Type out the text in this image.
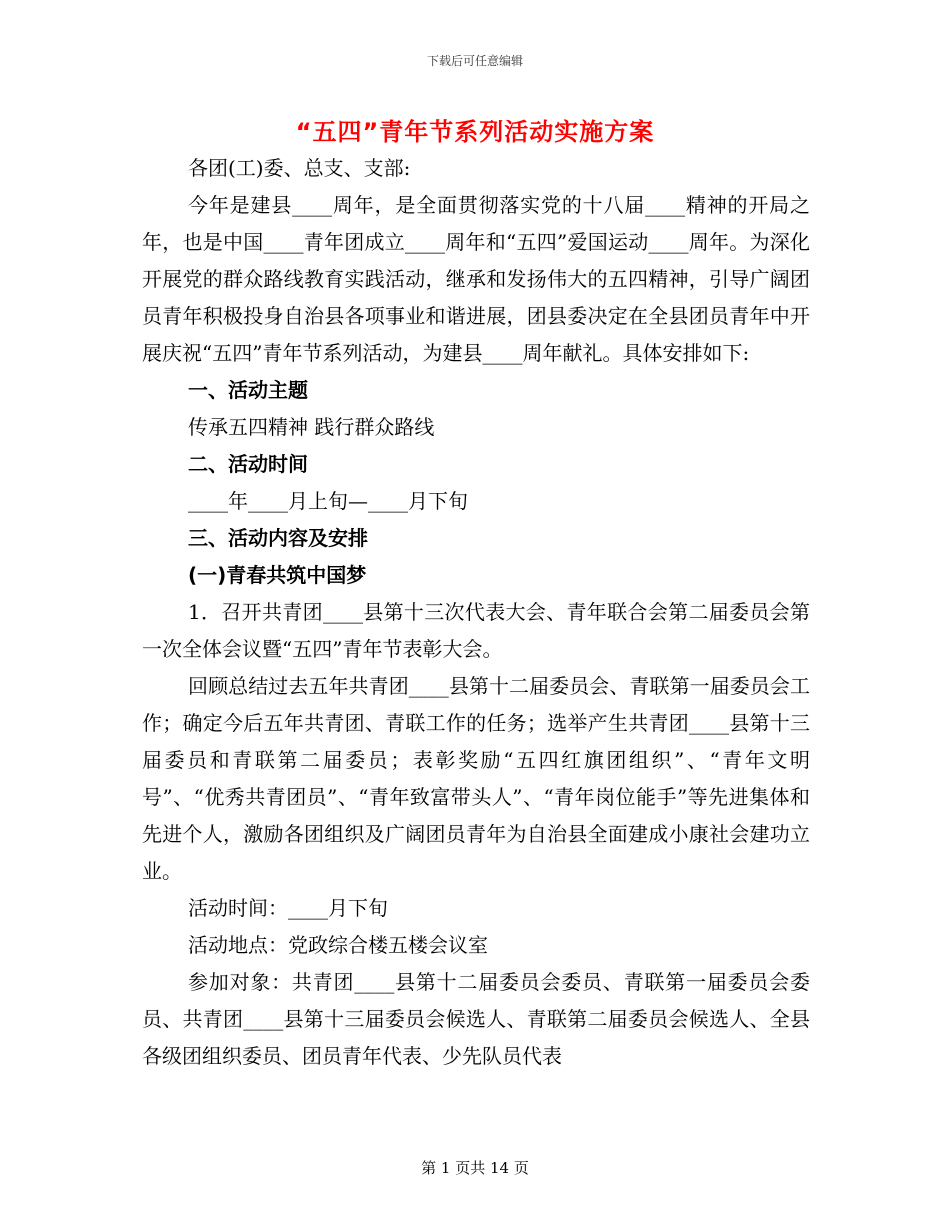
下载后可任意编辑
“五四”青年节系列活动实施方案

各团(工)委、总支、支部:

今年是建县____周年，是全面贯彻落实党的十八届____精神的开局之年，也是中国____青年团成立____周年和“五四”爱国运动____周年。为深化开展党的群众路线教育实践活动，继承和发扬伟大的五四精神，引导广阔团员青年积极投身自治县各项事业和谐进展，团县委决定在全县团员青年中开展庆祝“五四”青年节系列活动，为建县____周年献礼。具体安排如下:

一、活动主题

传承五四精神 践行群众路线

二、活动时间

____年____月上旬—____月下旬

三、活动内容及安排

(一)青春共筑中国梦

1．召开共青团____县第十三次代表大会、青年联合会第二届委员会第一次全体会议暨“五四”青年节表彰大会。

回顾总结过去五年共青团____县第十二届委员会、青联第一届委员会工作；确定今后五年共青团、青联工作的任务；选举产生共青团____县第十三届委员和青联第二届委员；表彰奖励“五四红旗团组织”、“青年文明号”、“优秀共青团员”、“青年致富带头人”、“青年岗位能手”等先进集体和先进个人，激励各团组织及广阔团员青年为自治县全面建成小康社会建功立业。

活动时间：____月下旬

活动地点：党政综合楼五楼会议室

参加对象：共青团____县第十二届委员会委员、青联第一届委员会委员、共青团____县第十三届委员会候选人、青联第二届委员会候选人、全县各级团组织委员、团员青年代表、少先队员代表

第 1 页共 14 页
